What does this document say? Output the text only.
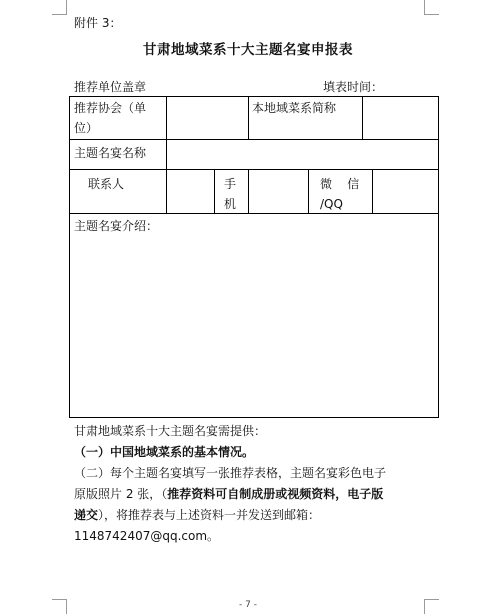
附件 3：
甘肃地域菜系十大主题名宴申报表
推荐单位盖章	填表时间：
推荐协会（单
位）
本地域菜系简称
主题名宴名称
联系人	手
机
微    信
/QQ
主题名宴介绍：

甘肃地域菜系十大主题名宴需提供：

（一）中国地域菜系的基本情况。

（二）每个主题名宴填写一张推荐表格，主题名宴彩色电子

原版照片 2 张，（推荐资料可自制成册或视频资料，电子版

递交），将推荐表与上述资料一并发送到邮箱：

1148742407@qq.com。

- 7 -
